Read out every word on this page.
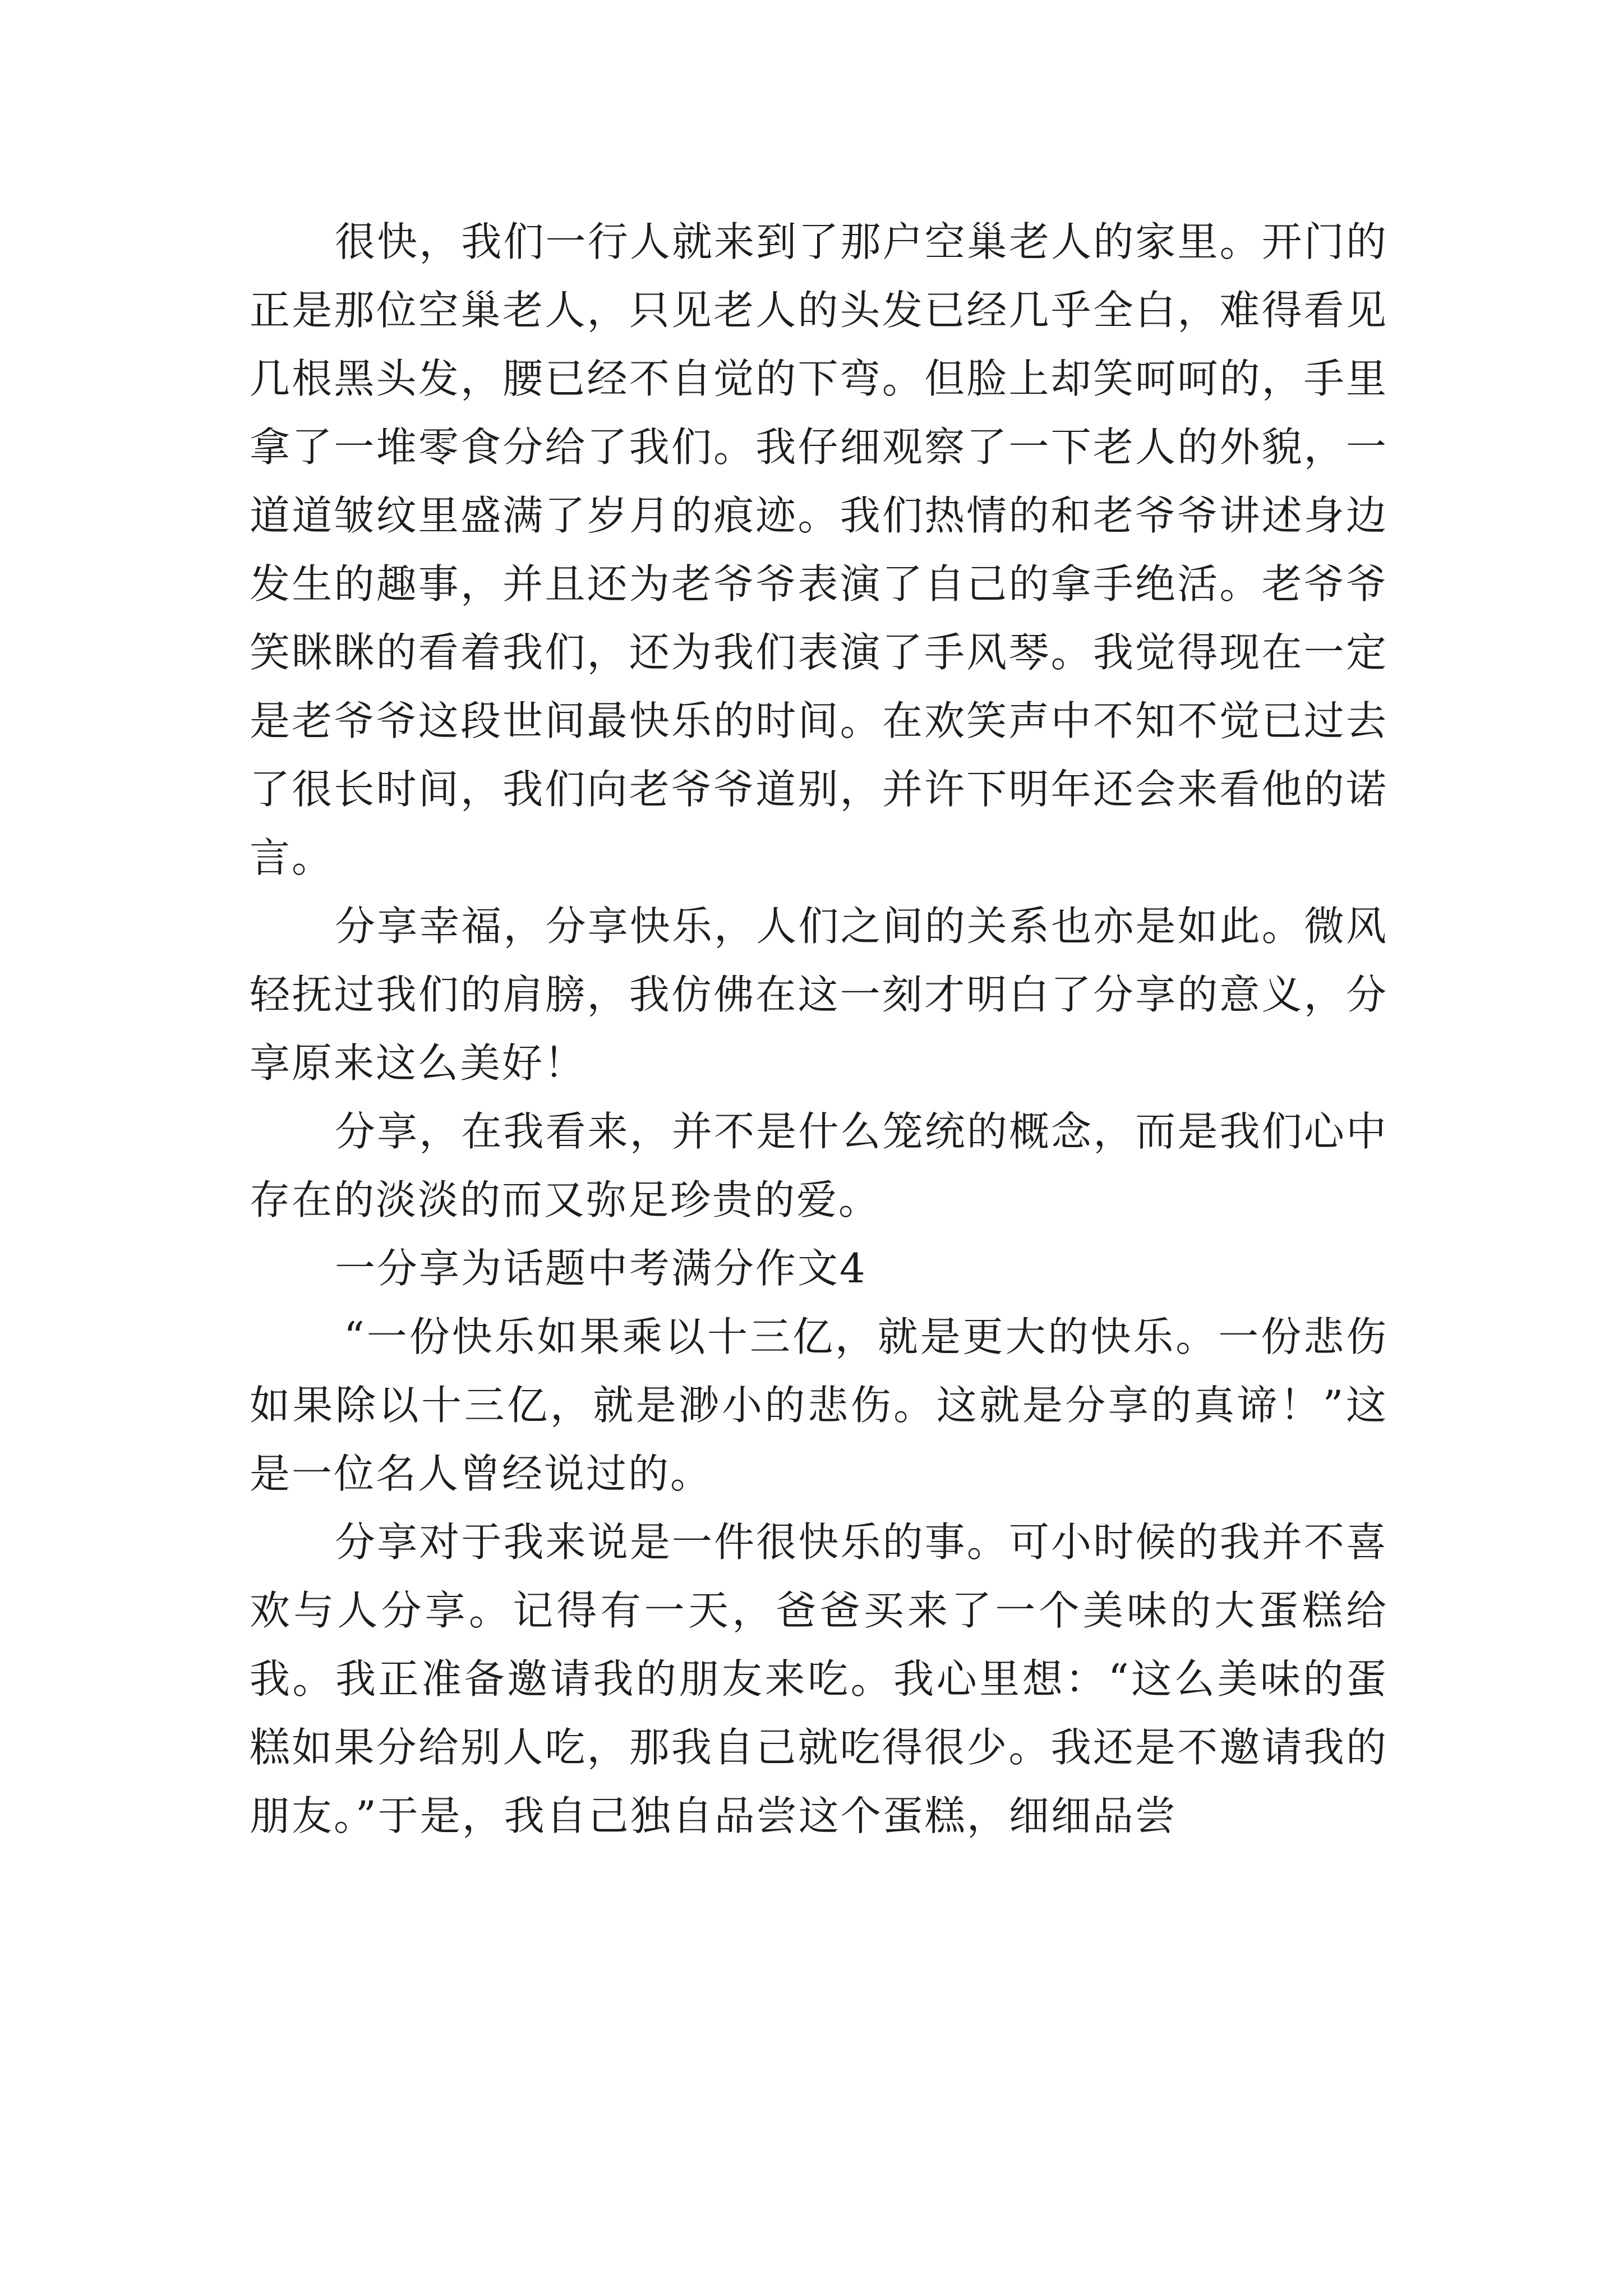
很快，我们一行人就来到了那户空巢老人的家里。开门的正是那位空巢老人，只见老人的头发已经几乎全白，难得看见几根黑头发，腰已经不自觉的下弯。但脸上却笑呵呵的，手里拿了一堆零食分给了我们。我仔细观察了一下老人的外貌，一道道皱纹里盛满了岁月的痕迹。我们热情的和老爷爷讲述身边发生的趣事，并且还为老爷爷表演了自己的拿手绝活。老爷爷笑眯眯的看着我们，还为我们表演了手风琴。我觉得现在一定是老爷爷这段世间最快乐的时间。在欢笑声中不知不觉已过去了很长时间，我们向老爷爷道别，并许下明年还会来看他的诺言。

分享幸福，分享快乐，人们之间的关系也亦是如此。微风轻抚过我们的肩膀，我仿佛在这一刻才明白了分享的意义，分享原来这么美好！

分享，在我看来，并不是什么笼统的概念，而是我们心中存在的淡淡的而又弥足珍贵的爱。

一分享为话题中考满分作文4

“一份快乐如果乘以十三亿，就是更大的快乐。一份悲伤如果除以十三亿，就是渺小的悲伤。这就是分享的真谛！”这是一位名人曾经说过的。

分享对于我来说是一件很快乐的事。可小时候的我并不喜欢与人分享。记得有一天，爸爸买来了一个美味的大蛋糕给我。我正准备邀请我的朋友来吃。我心里想：“这么美味的蛋糕如果分给别人吃，那我自己就吃得很少。我还是不邀请我的朋友。”于是，我自己独自品尝这个蛋糕，细细品尝
